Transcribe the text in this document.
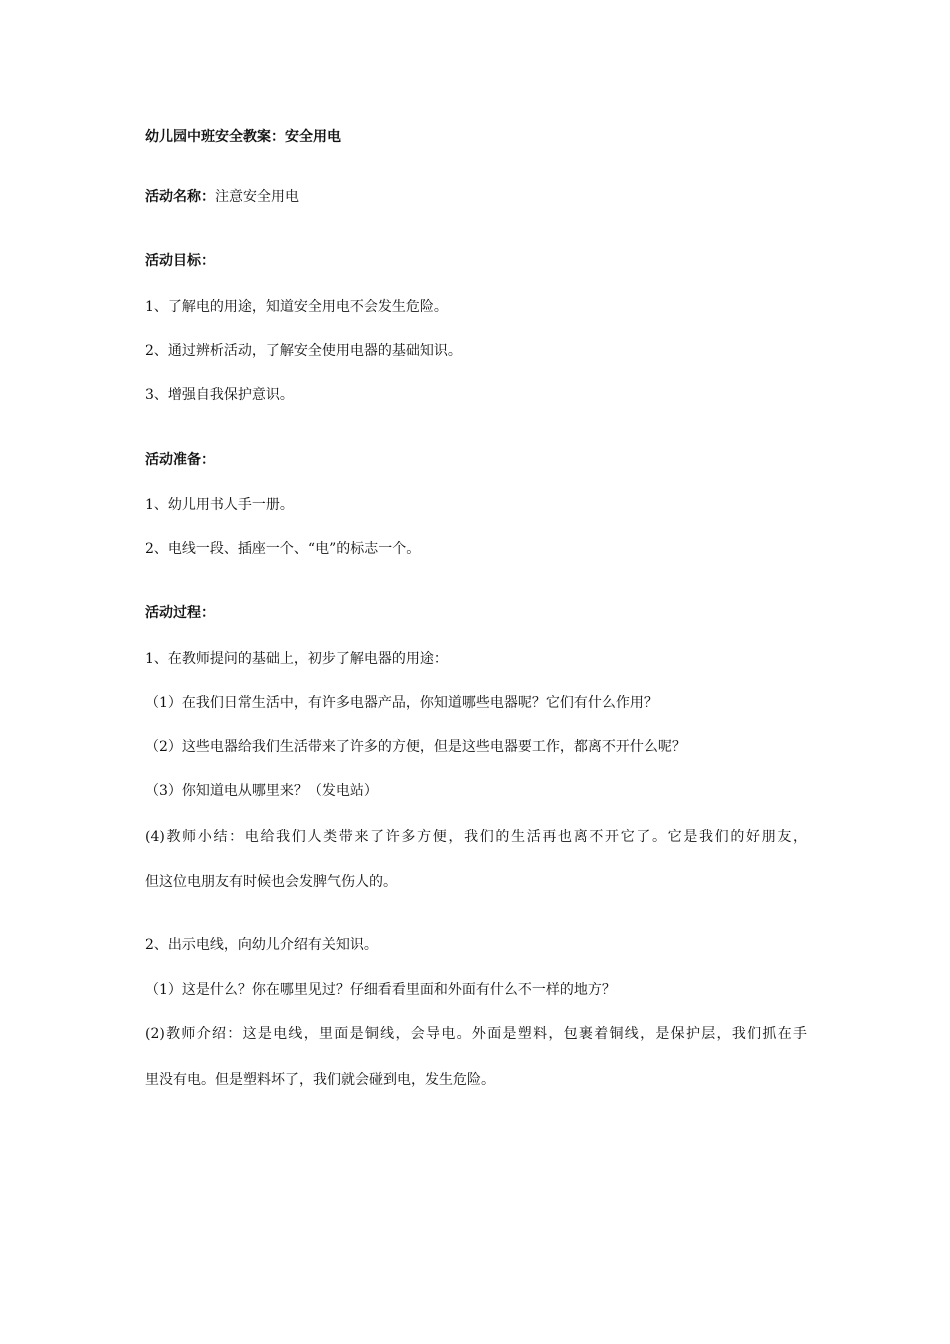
幼儿园中班安全教案：安全用电
活动名称：注意安全用电
活动目标：
1、了解电的用途，知道安全用电不会发生危险。
2、通过辨析活动，了解安全使用电器的基础知识。
3、增强自我保护意识。
活动准备：
1、幼儿用书人手一册。
2、电线一段、插座一个、“电”的标志一个。
活动过程：
1、在教师提问的基础上，初步了解电器的用途：
（1）在我们日常生活中，有许多电器产品，你知道哪些电器呢？它们有什么作用？
（2）这些电器给我们生活带来了许多的方便，但是这些电器要工作，都离不开什么呢？
（3）你知道电从哪里来？（发电站）
(4)教师小结：电给我们人类带来了许多方便，我们的生活再也离不开它了。它是我们的好朋友，
但这位电朋友有时候也会发脾气伤人的。
2、出示电线，向幼儿介绍有关知识。
（1）这是什么？你在哪里见过？仔细看看里面和外面有什么不一样的地方？
(2)教师介绍：这是电线，里面是铜线，会导电。外面是塑料，包裹着铜线，是保护层，我们抓在手
里没有电。但是塑料坏了，我们就会碰到电，发生危险。
